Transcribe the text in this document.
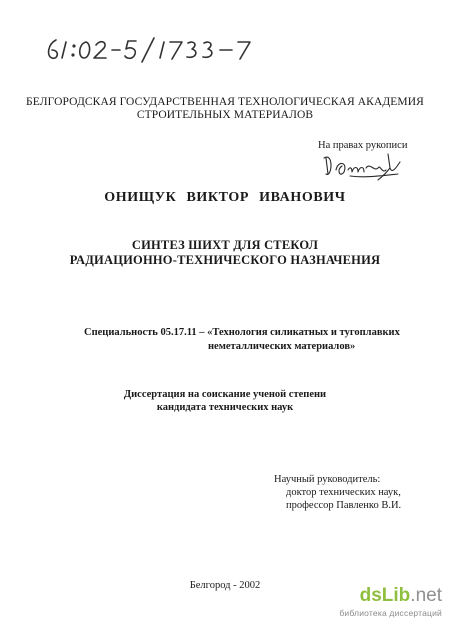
БЕЛГОРОДСКАЯ ГОСУДАРСТВЕННАЯ ТЕХНОЛОГИЧЕСКАЯ АКАДЕМИЯ
СТРОИТЕЛЬНЫХ МАТЕРИАЛОВ
На правах рукописи
ОНИЩУК ВИКТОР ИВАНОВИЧ
СИНТЕЗ ШИХТ ДЛЯ СТЕКОЛ
РАДИАЦИОННО-ТЕХНИЧЕСКОГО НАЗНАЧЕНИЯ
Специальность 05.17.11 – «Технология силикатных и тугоплавких
неметаллических материалов»
Диссертация на соискание ученой степени
кандидата технических наук
Научный руководитель:
доктор технических наук,
профессор Павленко В.И.
Белгород - 2002	dsLib.net
библиотека диссертаций
